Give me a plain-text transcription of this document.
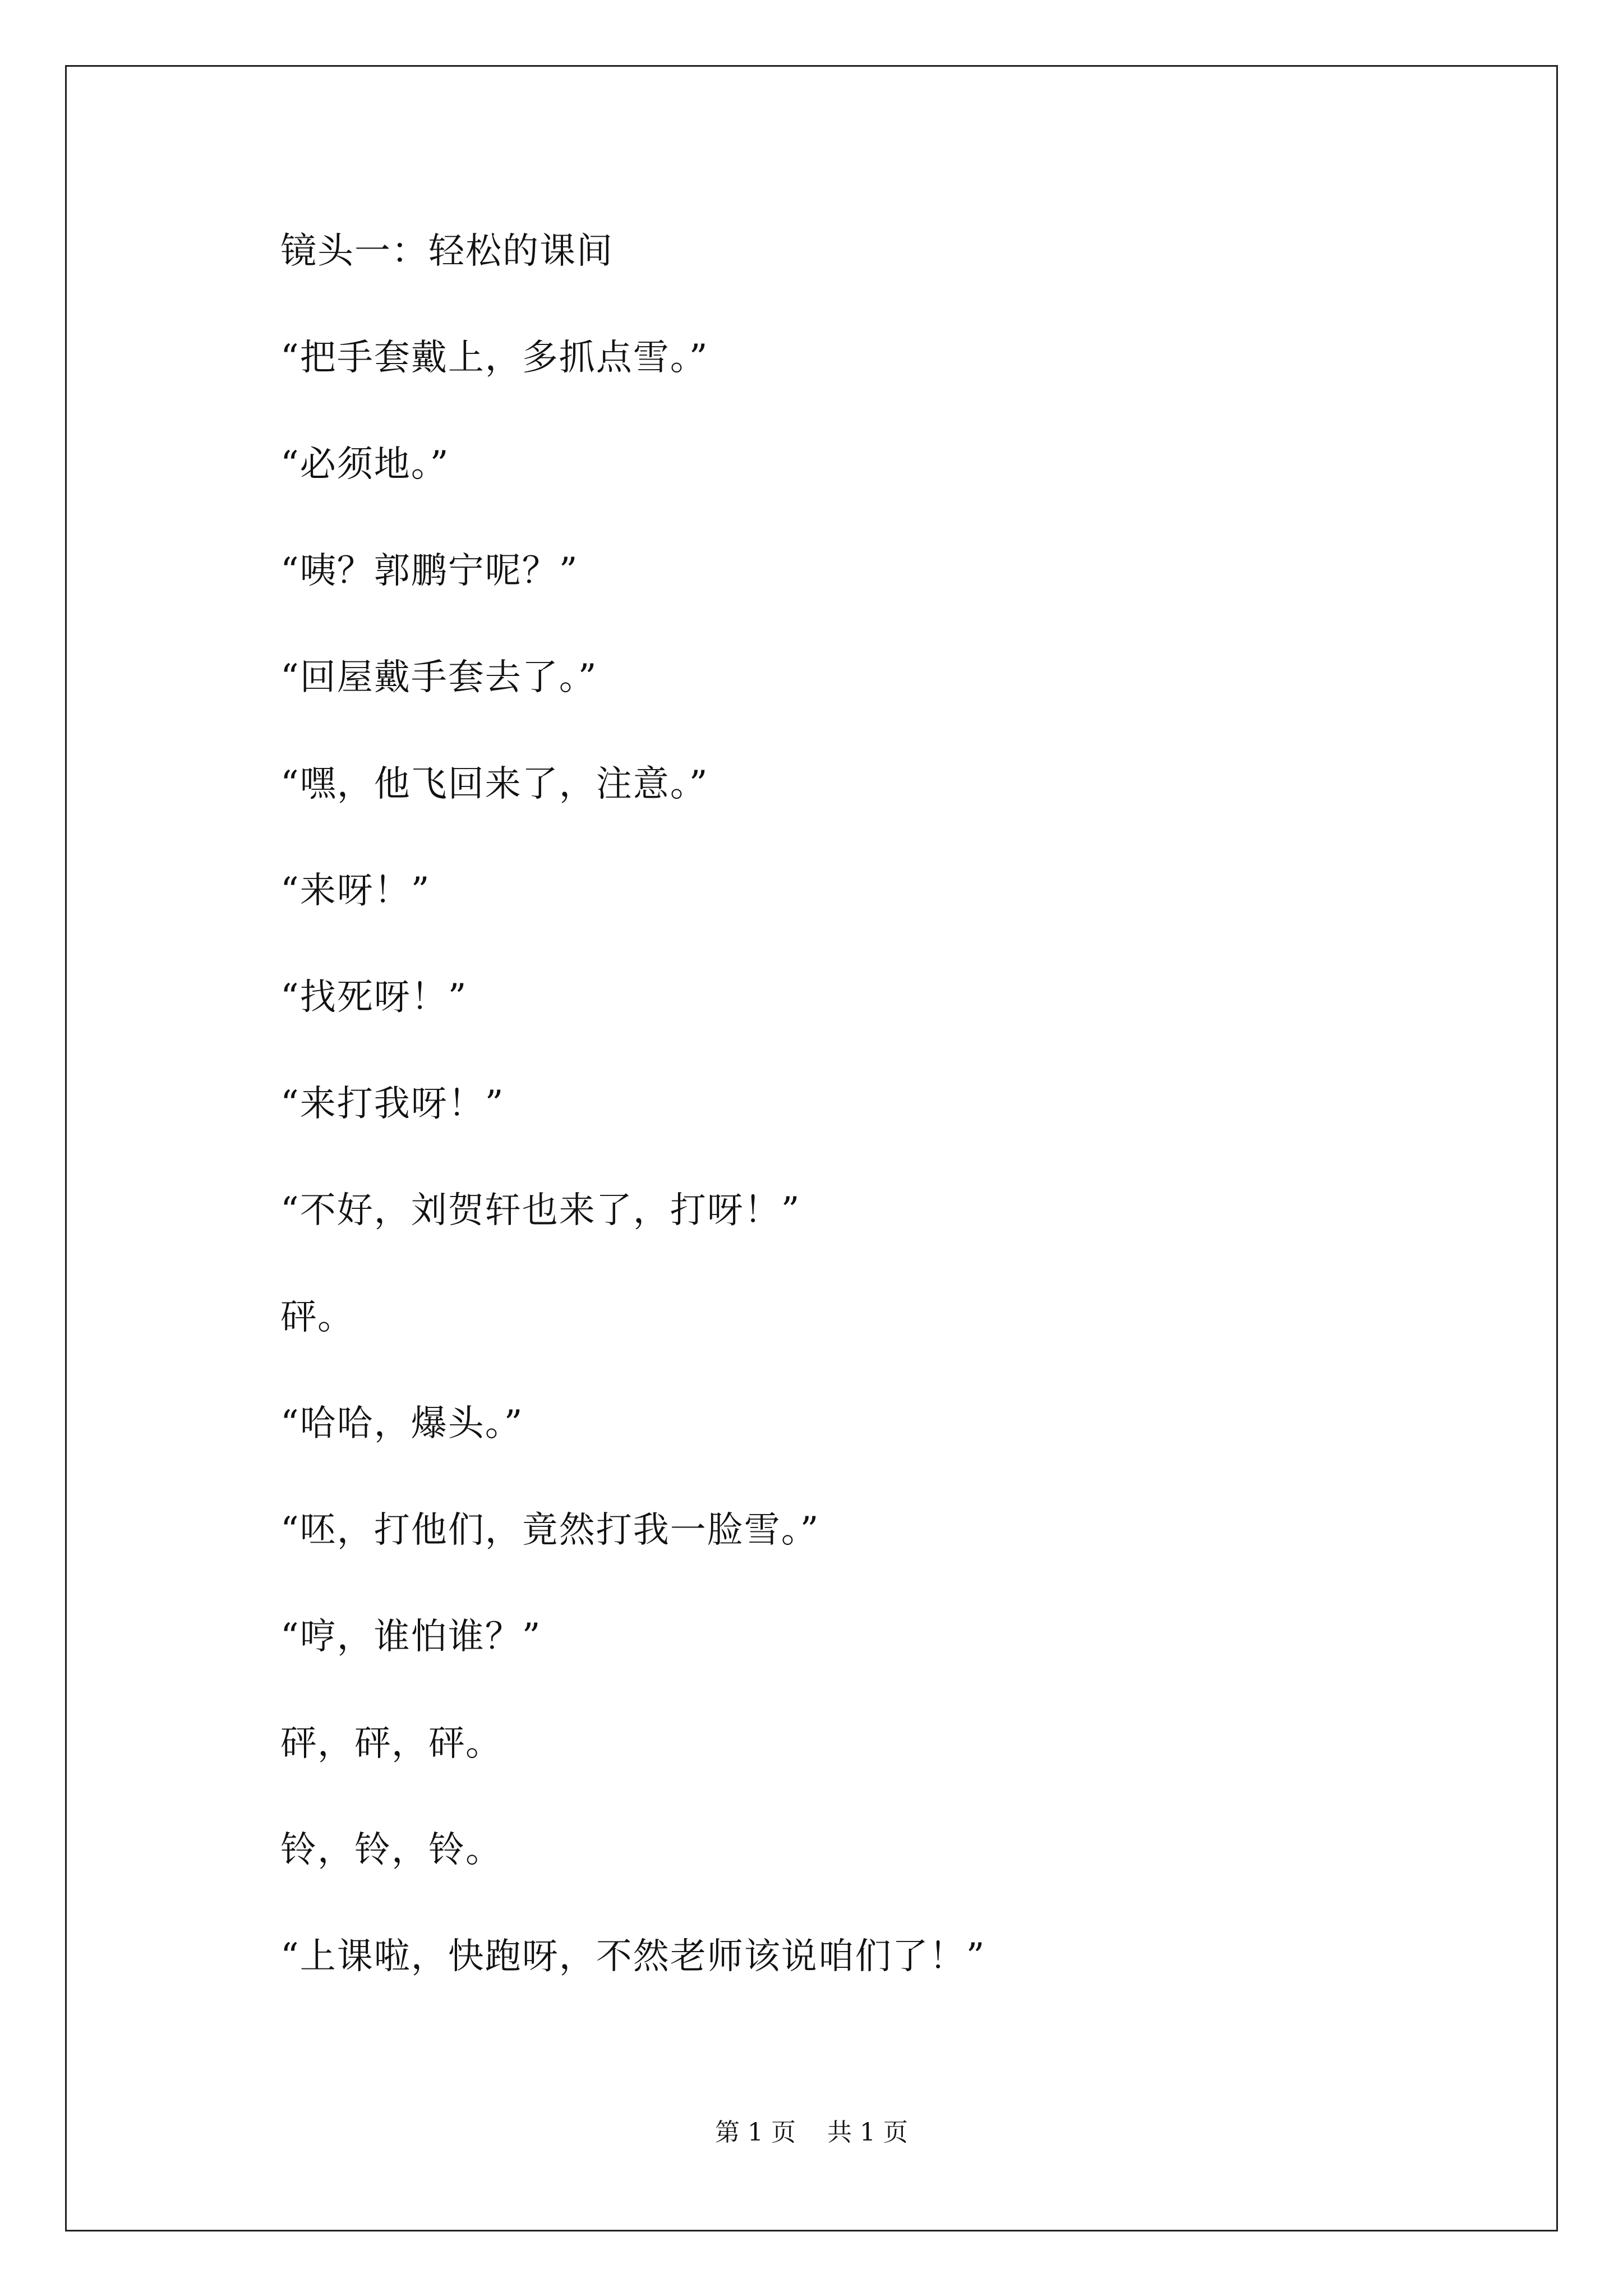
镜头一：轻松的课间
“把手套戴上，多抓点雪。”
“必须地。”
“咦？郭鹏宁呢？”
“回屋戴手套去了。”
“嘿，他飞回来了，注意。”
“来呀！”
“找死呀！”
“来打我呀！”
“不好，刘贺轩也来了，打呀！”
砰。
“哈哈，爆头。”
“呸，打他们，竟然打我一脸雪。”
“哼，谁怕谁？”
砰，砰，砰。
铃，铃，铃。
“上课啦，快跑呀，不然老师该说咱们了！”
第 1 页    共 1 页
